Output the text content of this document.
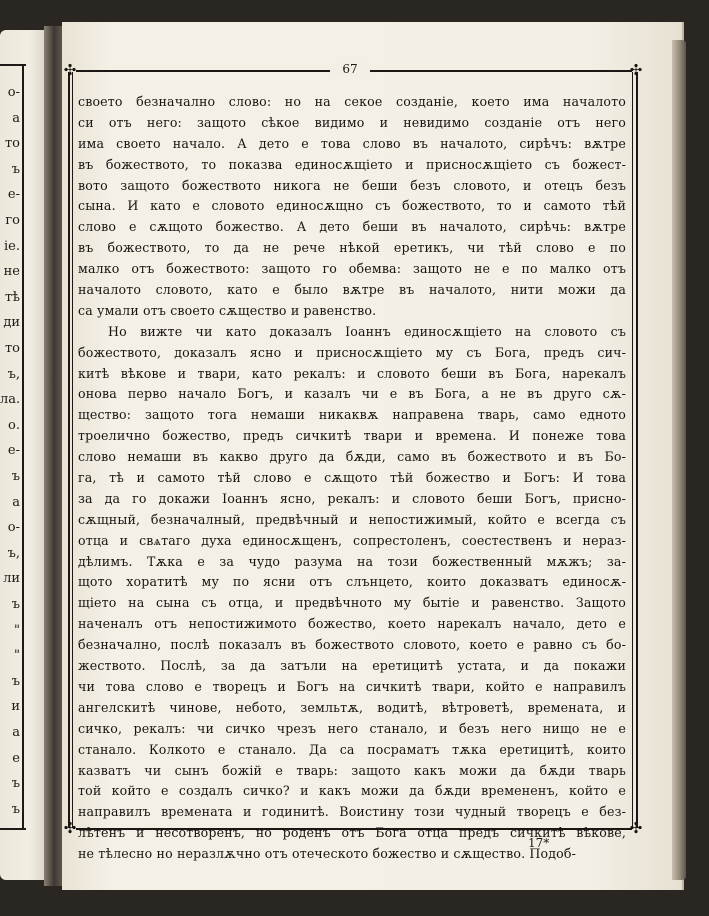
о-
а
то
ъ
е-
го
ie.
не
тѣ
ди
то
ъ,
ла.
о.
е-
ъ
а
о-
ъ,
ли
ъ
"
"
ъ
и
а
е
ъ
ъ
✣	✣
✣	✣
67
своето безначално слово: но на секое созданіе, което има началото
си отъ него: защото сѣкое видимо и невидимо созданіе отъ него
има своето начало. А дето е това слово въ началото, сирѣчъ: вѫтре
въ божеството, то показва единосѫщіето и присносѫщіето съ божест-
вото защото божеството никога не беши безъ словото, и отецъ безъ
сына. И като е словото единосѫщно съ божеството, то и самото тѣй
слово е сѫщото божество. А дето беши въ началото, сирѣчь: вѫтре
въ божеството, то да не рече нѣкой еретикъ, чи тѣй слово е по
малко отъ божеството: защото го обемва: защото не е по малко отъ
началото словото, като е было вѫтре въ началото, нити можи да
са умали отъ своето сѫщество и равенство.
Но вижте чи като доказалъ Іоаннъ единосѫщіето на словото съ
божеството, доказалъ ясно и присносѫщіето му съ Бога, предъ сич-
китѣ вѣкове и твари, като рекалъ: и словото беши въ Бога, нарекалъ
онова перво начало Богъ, и казалъ чи е въ Бога, а не въ друго сѫ-
щество: защото тога немаши никаквѫ направена тварь, само едното
троелично божество, предъ сичкитѣ твари и времена. И понеже това
слово немаши въ какво друго да бѫди, само въ божеството и въ Бо-
га, тѣ и самото тѣй слово е сѫщото тѣй божество и Богъ: И това
за да го докажи Іоаннъ ясно, рекалъ: и словото беши Богъ, присно-
сѫщный, безначалный, предвѣчный и непостижимый, който е всегда съ
отца и свѧтаго духа единосѫщенъ, сопрестоленъ, соестественъ и нераз-
дѣлимъ. Тѫка е за чудо разума на този божественный мѫжъ; за-
щото хоратитѣ му по ясни отъ слънцето, които доказватъ единосѫ-
щіето на сына съ отца, и предвѣчното му бытіе и равенство. Защото
наченалъ отъ непостижимото божество, което нарекалъ начало, дето е
безначално, послѣ показалъ въ божеството словото, което е равно съ бо-
жеството. Послѣ, за да затъли на еретицитѣ устата, и да покажи
чи това слово е творецъ и Богъ на сичкитѣ твари, който е направилъ
ангелскитѣ чинове, небото, земльтѫ, водитѣ, вѣтроветѣ, времената, и
сичко, рекалъ: чи сичко чрезъ него станало, и безъ него нищо не е
станало. Колкото е станало. Да са посраматъ тѫка еретицитѣ, които
казватъ чи сынъ божій е тварь: защото какъ можи да бѫди тварь
той който е создалъ сичко? и какъ можи да бѫди времененъ, който е
направилъ времената и годинитѣ. Воистину този чудный творецъ е без-
лѣтенъ и несотворенъ, но роденъ отъ Бога отца предъ сичкитѣ вѣкове,
не тѣлесно но неразлѫчно отъ отеческото божество и сѫщество. Подоб-
17*
